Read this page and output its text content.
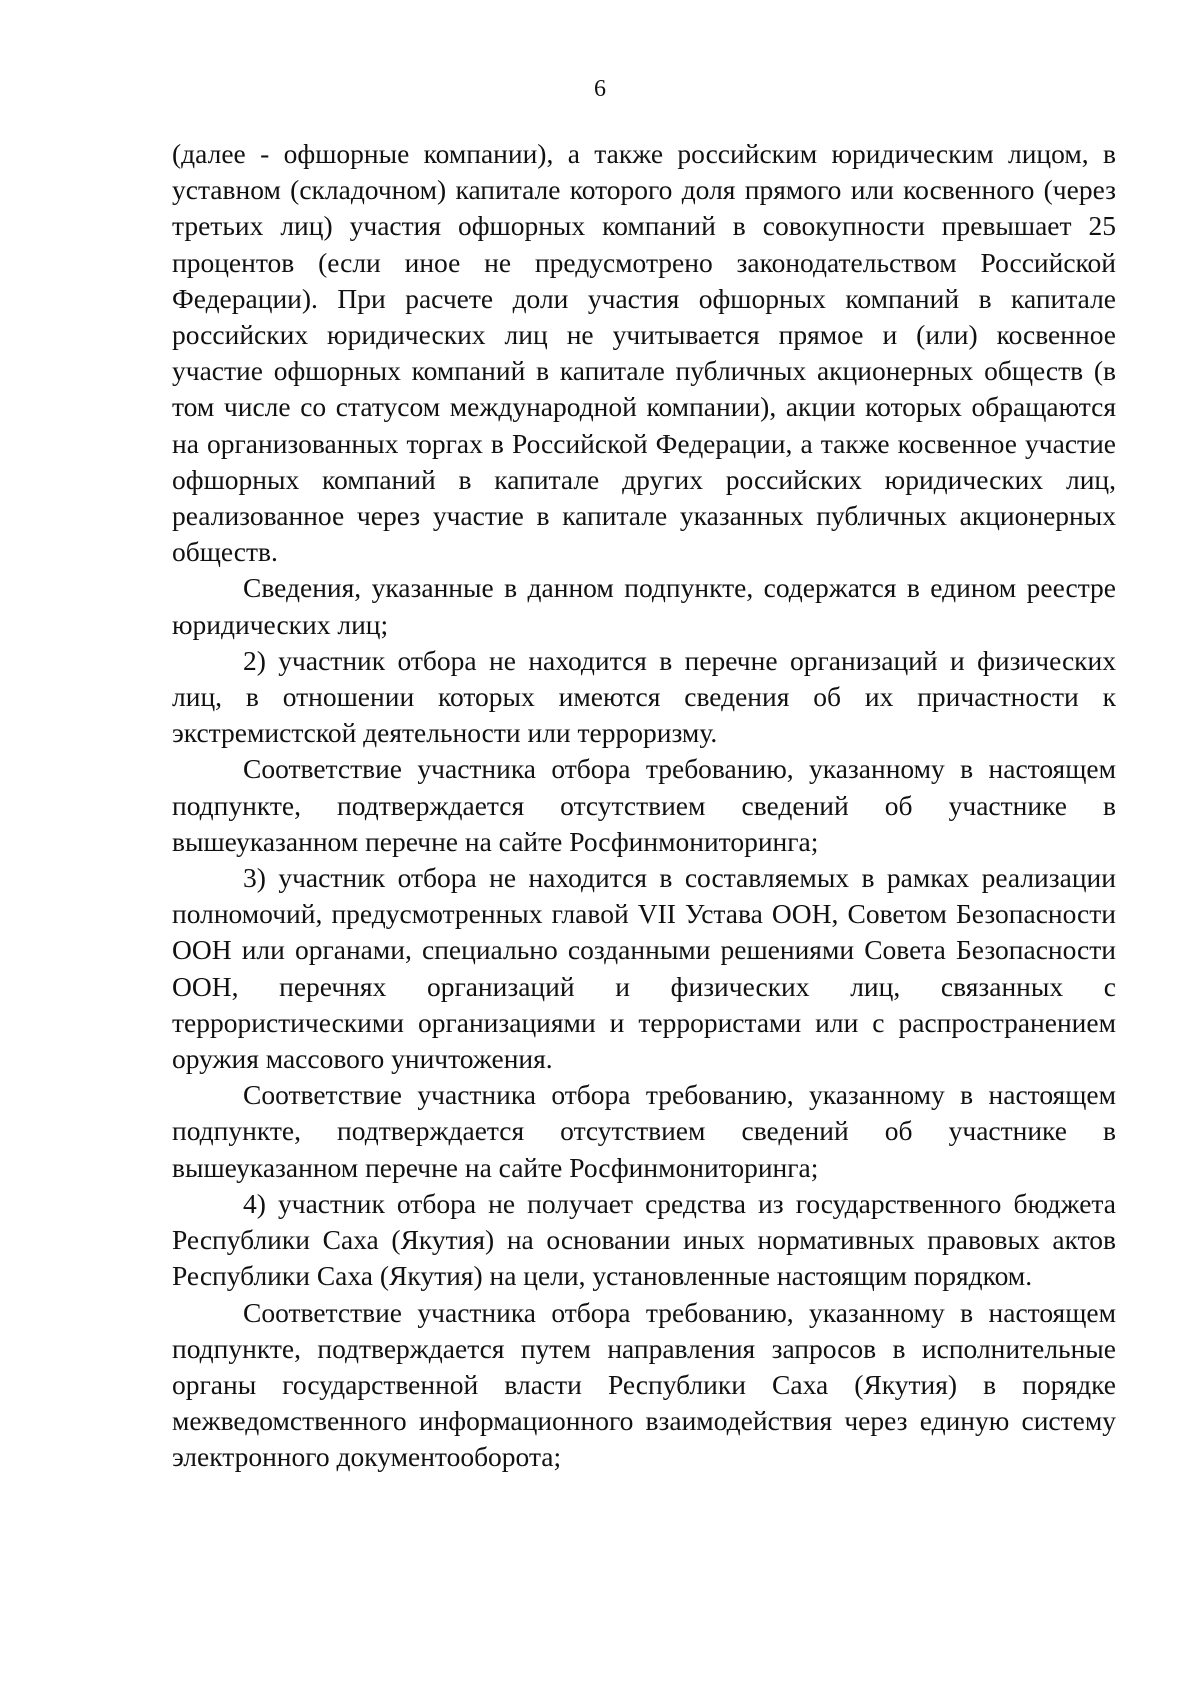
6

(далее - офшорные компании), а также российским юридическим лицом, в уставном (складочном) капитале которого доля прямого или косвенного (через третьих лиц) участия офшорных компаний в совокупности превышает 25 процентов (если иное не предусмотрено законодательством Российской Федерации). При расчете доли участия офшорных компаний в капитале российских юридических лиц не учитывается прямое и (или) косвенное участие офшорных компаний в капитале публичных акционерных обществ (в том числе со статусом международной компании), акции которых обращаются на организованных торгах в Российской Федерации, а также косвенное участие офшорных компаний в капитале других российских юридических лиц, реализованное через участие в капитале указанных публичных акционерных обществ.

Сведения, указанные в данном подпункте, содержатся в едином реестре юридических лиц;

2) участник отбора не находится в перечне организаций и физических лиц, в отношении которых имеются сведения об их причастности к экстремистской деятельности или терроризму.

Соответствие участника отбора требованию, указанному в настоящем подпункте, подтверждается отсутствием сведений об участнике в вышеуказанном перечне на сайте Росфинмониторинга;

3) участник отбора не находится в составляемых в рамках реализации полномочий, предусмотренных главой VII Устава ООН, Советом Безопасности ООН или органами, специально созданными решениями Совета Безопасности ООН, перечнях организаций и физических лиц, связанных с террористическими организациями и террористами или с распространением оружия массового уничтожения.

Соответствие участника отбора требованию, указанному в настоящем подпункте, подтверждается отсутствием сведений об участнике в вышеуказанном перечне на сайте Росфинмониторинга;

4) участник отбора не получает средства из государственного бюджета Республики Саха (Якутия) на основании иных нормативных правовых актов Республики Саха (Якутия) на цели, установленные настоящим порядком.

Соответствие участника отбора требованию, указанному в настоящем подпункте, подтверждается путем направления запросов в исполнительные органы государственной власти Республики Саха (Якутия) в порядке межведомственного информационного взаимодействия через единую систему электронного документооборота;
